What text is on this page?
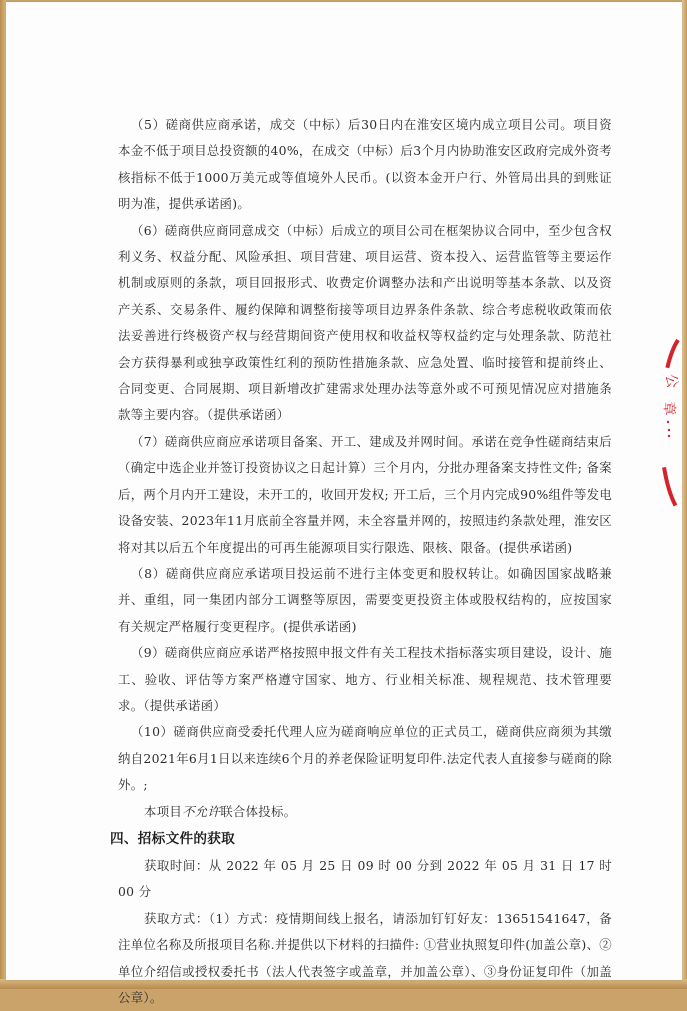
（5）磋商供应商承诺，成交（中标）后30日内在淮安区境内成立项目公司。项目资本金不低于项目总投资额的40%，在成交（中标）后3个月内协助淮安区政府完成外资考核指标不低于1000万美元或等值境外人民币。(以资本金开户行、外管局出具的到账证明为准，提供承诺函)。

（6）磋商供应商同意成交（中标）后成立的项目公司在框架协议合同中，至少包含权利义务、权益分配、风险承担、项目营建、项目运营、资本投入、运营监管等主要运作机制或原则的条款，项目回报形式、收费定价调整办法和产出说明等基本条款、以及资产关系、交易条件、履约保障和调整衔接等项目边界条件条款、综合考虑税收政策而依法妥善进行终极资产权与经营期间资产使用权和收益权等权益约定与处理条款、防范社会方获得暴利或独享政策性红利的预防性措施条款、应急处置、临时接管和提前终止、合同变更、合同展期、项目新增改扩建需求处理办法等意外或不可预见情况应对措施条款等主要内容。（提供承诺函）

（7）磋商供应商应承诺项目备案、开工、建成及并网时间。承诺在竞争性磋商结束后（确定中选企业并签订投资协议之日起计算）三个月内，分批办理备案支持性文件; 备案后，两个月内开工建设，未开工的，收回开发权; 开工后，三个月内完成90%组件等发电设备安装、2023年11月底前全容量并网，未全容量并网的，按照违约条款处理，淮安区将对其以后五个年度提出的可再生能源项目实行限选、限核、限备。(提供承诺函)

（8）磋商供应商应承诺项目投运前不进行主体变更和股权转让。如确因国家战略兼并、重组，同一集团内部分工调整等原因，需要变更投资主体或股权结构的，应按国家有关规定严格履行变更程序。(提供承诺函)

（9）磋商供应商应承诺严格按照申报文件有关工程技术指标落实项目建设，设计、施工、验收、评估等方案严格遵守国家、地方、行业相关标准、规程规范、技术管理要求。（提供承诺函）

（10）磋商供应商受委托代理人应为磋商响应单位的正式员工，磋商供应商须为其缴纳自2021年6月1日以来连续6个月的养老保险证明复印件.法定代表人直接参与磋商的除外。;

本项目不允许联合体投标。

四、招标文件的获取

获取时间：从 2022 年 05 月 25 日 09 时 00 分到 2022 年 05 月 31 日 17 时 00 分

获取方式：（1）方式：疫情期间线上报名，请添加钉钉好友：13651541647，备注单位名称及所报项目名称.并提供以下材料的扫描件: ①营业执照复印件(加盖公章)、②单位介绍信或授权委托书（法人代表签字或盖章，并加盖公章）、③身份证复印件（加盖公章）。

公
章
